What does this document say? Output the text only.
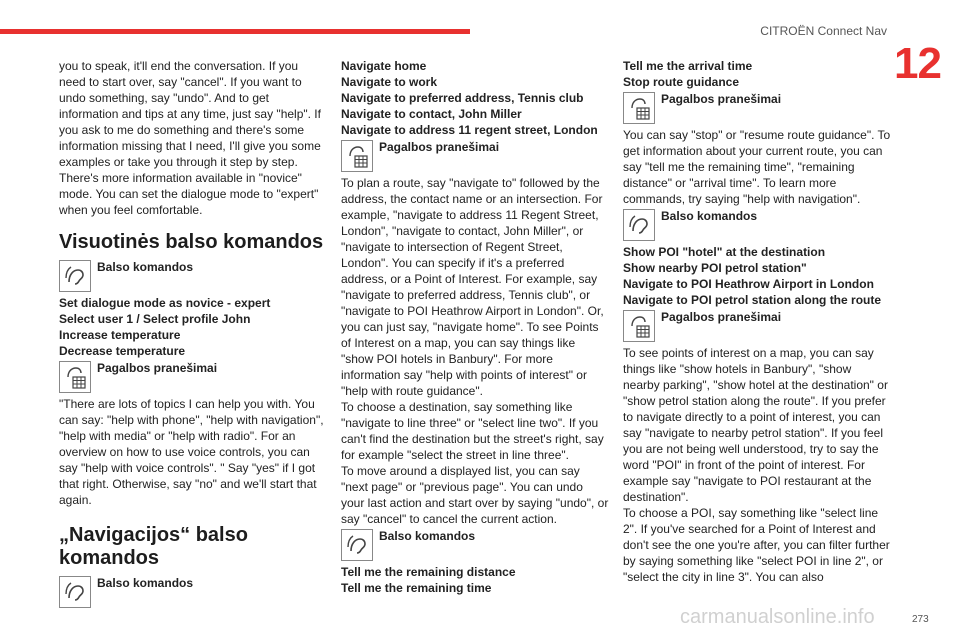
CITROËN Connect Nav
12

you to speak, it'll end the conversation. If you need to start over, say "cancel". If you want to undo something, say "undo". And to get information and tips at any time, just say "help". If you ask to me do something and there's some information missing that I need, I'll give you some examples or take you through it step by step. There's more information available in "novice" mode. You can set the dialogue mode to "expert" when you feel comfortable.

Visuotinės balso komandos
Balso komandos

Set dialogue mode as novice - expert

Select user 1 / Select profile John

Increase temperature

Decrease temperature

Pagalbos pranešimai

"There are lots of topics I can help you with. You can say: "help with phone", "help with navigation", "help with media" or "help with radio". For an overview on how to use voice controls, you can say "help with voice controls". " Say "yes" if I got that right. Otherwise, say "no" and we'll start that again.

„Navigacijos“ balso komandos
Balso komandos

Navigate home

Navigate to work

Navigate to preferred address, Tennis club

Navigate to contact, John Miller

Navigate to address 11 regent street, London

Pagalbos pranešimai

To plan a route, say "navigate to" followed by the address, the contact name or an intersection. For example, "navigate to address 11 Regent Street, London", "navigate to contact, John Miller", or "navigate to intersection of Regent Street, London". You can specify if it's a preferred address, or a Point of Interest. For example, say "navigate to preferred address, Tennis club", or "navigate to POI Heathrow Airport in London". Or, you can just say, "navigate home". To see Points of Interest on a map, you can say things like "show POI hotels in Banbury". For more information say "help with points of interest" or "help with route guidance".
To choose a destination, say something like "navigate to line three" or "select line two". If you can't find the destination but the street's right, say for example "select the street in line three".
To move around a displayed list, you can say "next page" or "previous page". You can undo your last action and start over by saying "undo", or say "cancel" to cancel the current action.

Balso komandos

Tell me the remaining distance

Tell me the remaining time

Tell me the arrival time

Stop route guidance

Pagalbos pranešimai

You can say "stop" or "resume route guidance". To get information about your current route, you can say "tell me the remaining time", "remaining distance" or "arrival time". To learn more commands, try saying "help with navigation".

Balso komandos

Show POI "hotel" at the destination

Show nearby POI petrol station"

Navigate to POI Heathrow Airport in London

Navigate to POI petrol station along the route

Pagalbos pranešimai

To see points of interest on a map, you can say things like "show hotels in Banbury", "show nearby parking", "show hotel at the destination" or "show petrol station along the route". If you prefer to navigate directly to a point of interest, you can say "navigate to nearby petrol station". If you feel you are not being well understood, try to say the word "POI" in front of the point of interest. For example say "navigate to POI restaurant at the destination".
To choose a POI, say something like "select line 2". If you've searched for a Point of Interest and don't see the one you're after, you can filter further by saying something like "select POI in line 2", or "select the city in line 3". You can also

carmanualsonline.info	273
